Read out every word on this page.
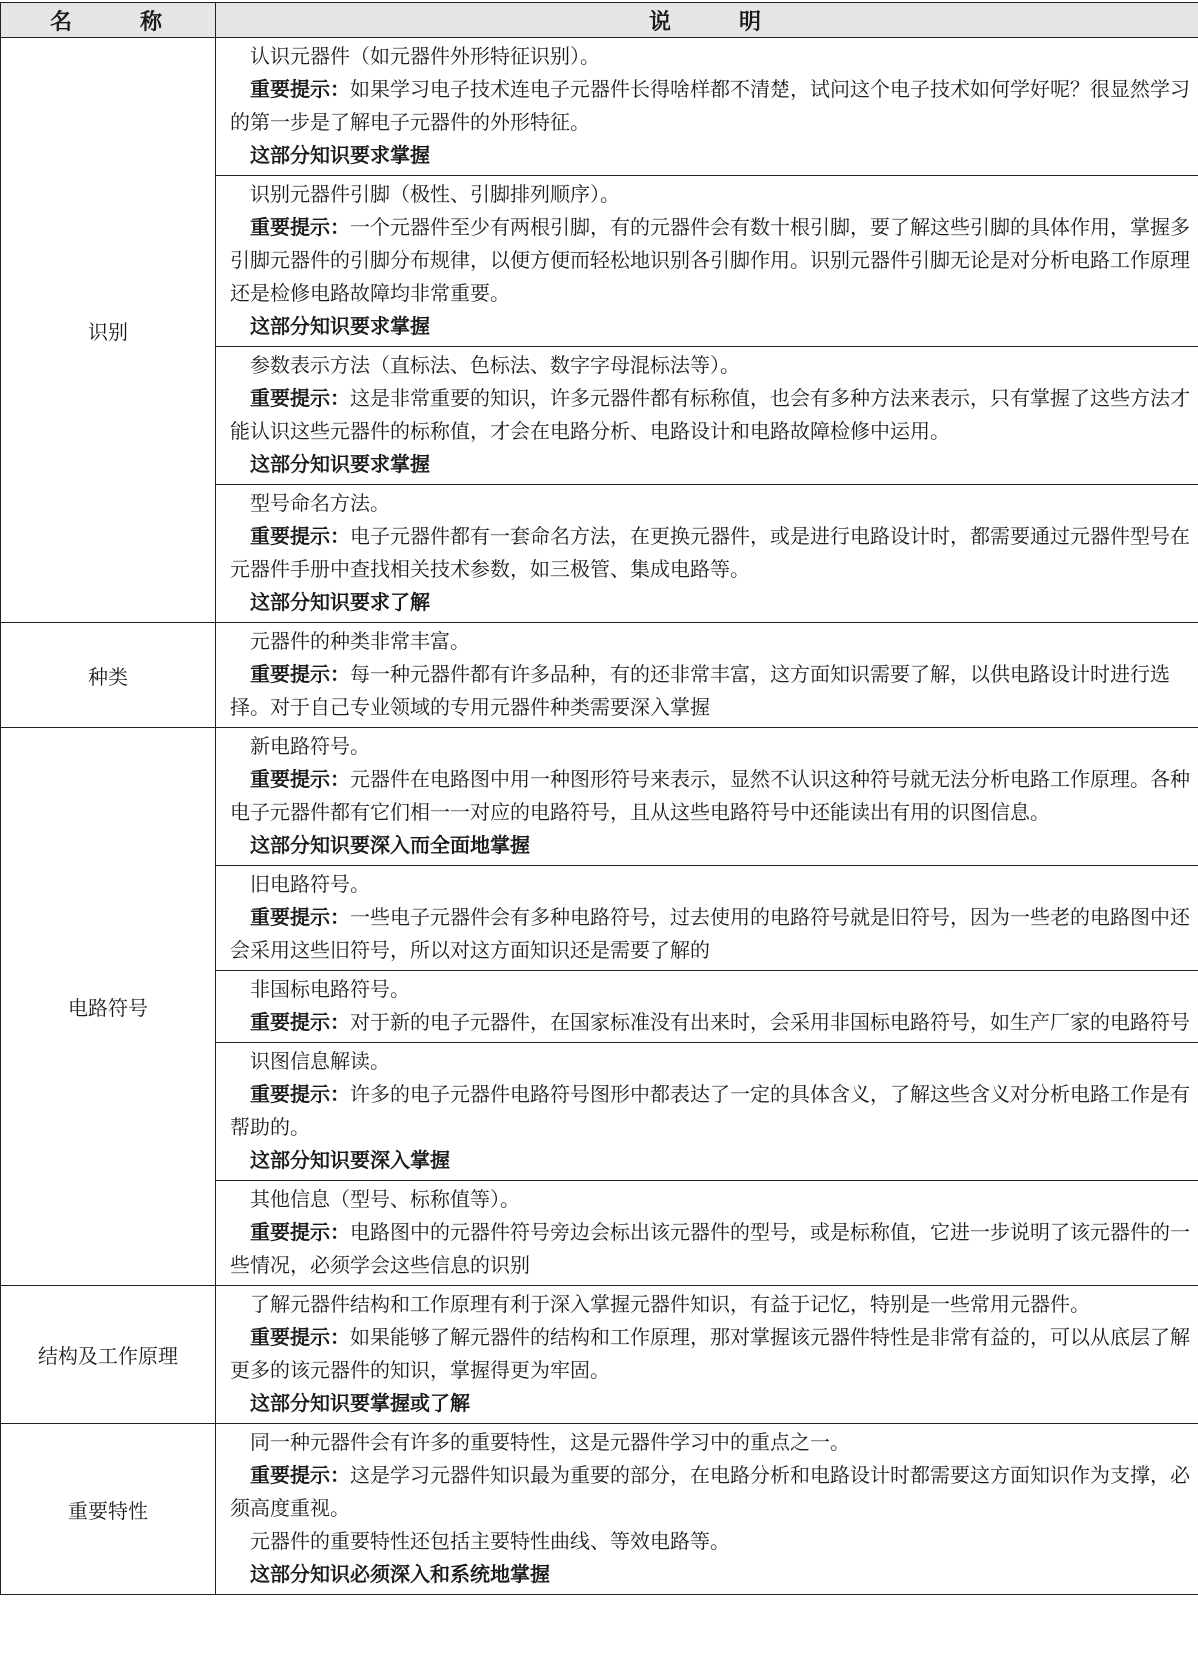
名 称	说 明
识别	认识元器件（如元器件外形特征识别）。

重要提示：如果学习电子技术连电子元器件长得啥样都不清楚，试问这个电子技术如何学好呢？很显然学习的第一步是了解电子元器件的外形特征。

这部分知识要求掌握

	识别元器件引脚（极性、引脚排列顺序）。

重要提示：一个元器件至少有两根引脚，有的元器件会有数十根引脚，要了解这些引脚的具体作用，掌握多引脚元器件的引脚分布规律，以便方便而轻松地识别各引脚作用。识别元器件引脚无论是对分析电路工作原理还是检修电路故障均非常重要。

这部分知识要求掌握

	参数表示方法（直标法、色标法、数字字母混标法等）。

重要提示：这是非常重要的知识，许多元器件都有标称值，也会有多种方法来表示，只有掌握了这些方法才能认识这些元器件的标称值，才会在电路分析、电路设计和电路故障检修中运用。

这部分知识要求掌握

	型号命名方法。

重要提示：电子元器件都有一套命名方法，在更换元器件，或是进行电路设计时，都需要通过元器件型号在元器件手册中查找相关技术参数，如三极管、集成电路等。

这部分知识要求了解

种类	元器件的种类非常丰富。

重要提示：每一种元器件都有许多品种，有的还非常丰富，这方面知识需要了解，以供电路设计时进行选择。对于自己专业领域的专用元器件种类需要深入掌握

电路符号	新电路符号。

重要提示：元器件在电路图中用一种图形符号来表示，显然不认识这种符号就无法分析电路工作原理。各种电子元器件都有它们相一一对应的电路符号，且从这些电路符号中还能读出有用的识图信息。

这部分知识要深入而全面地掌握

	旧电路符号。

重要提示：一些电子元器件会有多种电路符号，过去使用的电路符号就是旧符号，因为一些老的电路图中还会采用这些旧符号，所以对这方面知识还是需要了解的

	非国标电路符号。

重要提示：对于新的电子元器件，在国家标准没有出来时，会采用非国标电路符号，如生产厂家的电路符号

	识图信息解读。

重要提示：许多的电子元器件电路符号图形中都表达了一定的具体含义，了解这些含义对分析电路工作是有帮助的。

这部分知识要深入掌握

	其他信息（型号、标称值等）。

重要提示：电路图中的元器件符号旁边会标出该元器件的型号，或是标称值，它进一步说明了该元器件的一些情况，必须学会这些信息的识别

结构及工作原理	了解元器件结构和工作原理有利于深入掌握元器件知识，有益于记忆，特别是一些常用元器件。

重要提示：如果能够了解元器件的结构和工作原理，那对掌握该元器件特性是非常有益的，可以从底层了解更多的该元器件的知识，掌握得更为牢固。

这部分知识要掌握或了解

重要特性	同一种元器件会有许多的重要特性，这是元器件学习中的重点之一。

重要提示：这是学习元器件知识最为重要的部分，在电路分析和电路设计时都需要这方面知识作为支撑，必须高度重视。

元器件的重要特性还包括主要特性曲线、等效电路等。

这部分知识必须深入和系统地掌握
